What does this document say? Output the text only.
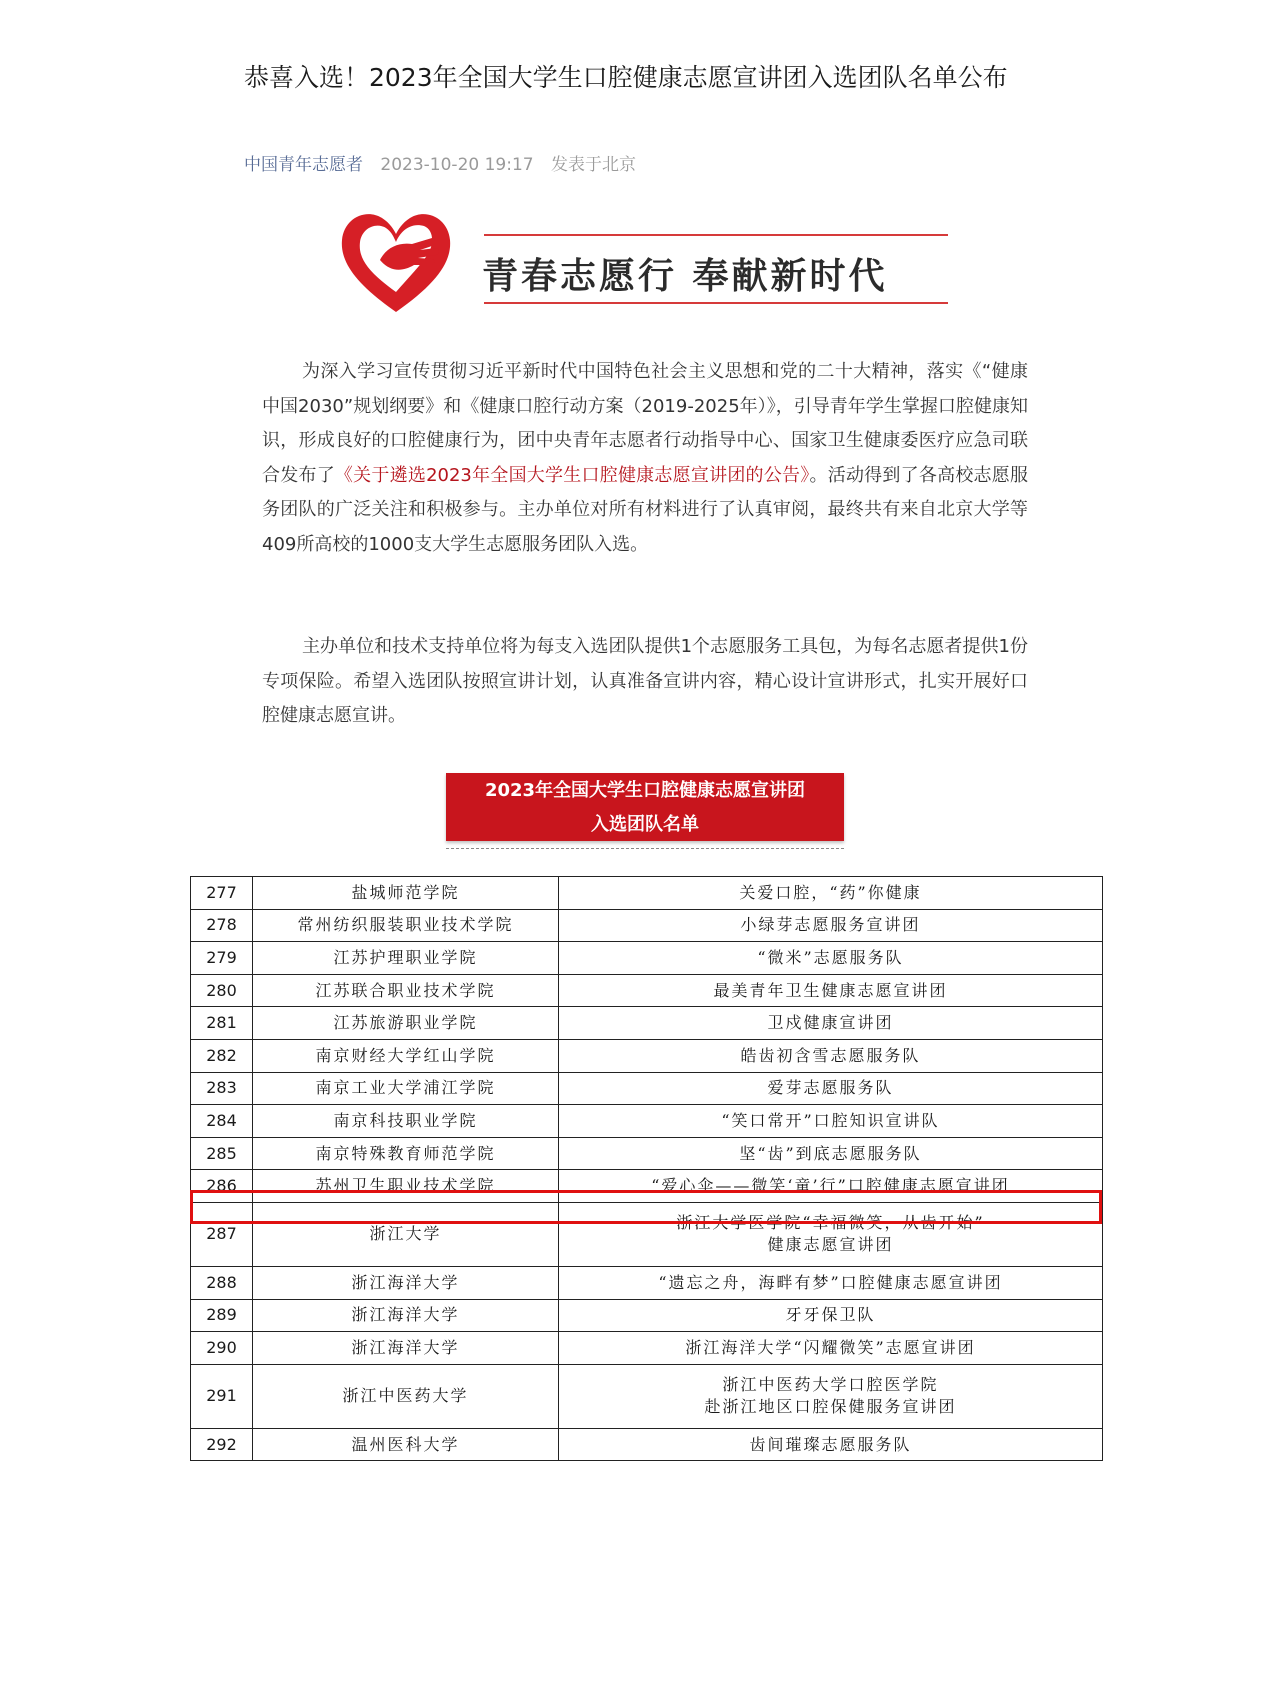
恭喜入选！2023年全国大学生口腔健康志愿宣讲团入选团队名单公布
中国青年志愿者 2023-10-20 19:17 发表于北京
青春志愿行 奉献新时代

为深入学习宣传贯彻习近平新时代中国特色社会主义思想和党的二十大精神，落实《“健康中国2030”规划纲要》和《健康口腔行动方案（2019-2025年）》，引导青年学生掌握口腔健康知识，形成良好的口腔健康行为，团中央青年志愿者行动指导中心、国家卫生健康委医疗应急司联合发布了《关于遴选2023年全国大学生口腔健康志愿宣讲团的公告》。活动得到了各高校志愿服务团队的广泛关注和积极参与。主办单位对所有材料进行了认真审阅，最终共有来自北京大学等409所高校的1000支大学生志愿服务团队入选。

主办单位和技术支持单位将为每支入选团队提供1个志愿服务工具包，为每名志愿者提供1份专项保险。希望入选团队按照宣讲计划，认真准备宣讲内容，精心设计宣讲形式，扎实开展好口腔健康志愿宣讲。

2023年全国大学生口腔健康志愿宣讲团
入选团队名单
277	盐城师范学院	关爱口腔，“药”你健康
278	常州纺织服装职业技术学院	小绿芽志愿服务宣讲团
279	江苏护理职业学院	“微米”志愿服务队
280	江苏联合职业技术学院	最美青年卫生健康志愿宣讲团
281	江苏旅游职业学院	卫戍健康宣讲团
282	南京财经大学红山学院	皓齿初含雪志愿服务队
283	南京工业大学浦江学院	爱芽志愿服务队
284	南京科技职业学院	“笑口常开”口腔知识宣讲队
285	南京特殊教育师范学院	坚“齿”到底志愿服务队
286	苏州卫生职业技术学院	“爱心伞——微笑‘童’行”口腔健康志愿宣讲团
287	浙江大学	浙江大学医学院“幸福微笑，从齿开始”
健康志愿宣讲团

288	浙江海洋大学	“遗忘之舟，海畔有梦”口腔健康志愿宣讲团
289	浙江海洋大学	牙牙保卫队
290	浙江海洋大学	浙江海洋大学“闪耀微笑”志愿宣讲团
291	浙江中医药大学	浙江中医药大学口腔医学院
赴浙江地区口腔保健服务宣讲团

292	温州医科大学	齿间璀璨志愿服务队
